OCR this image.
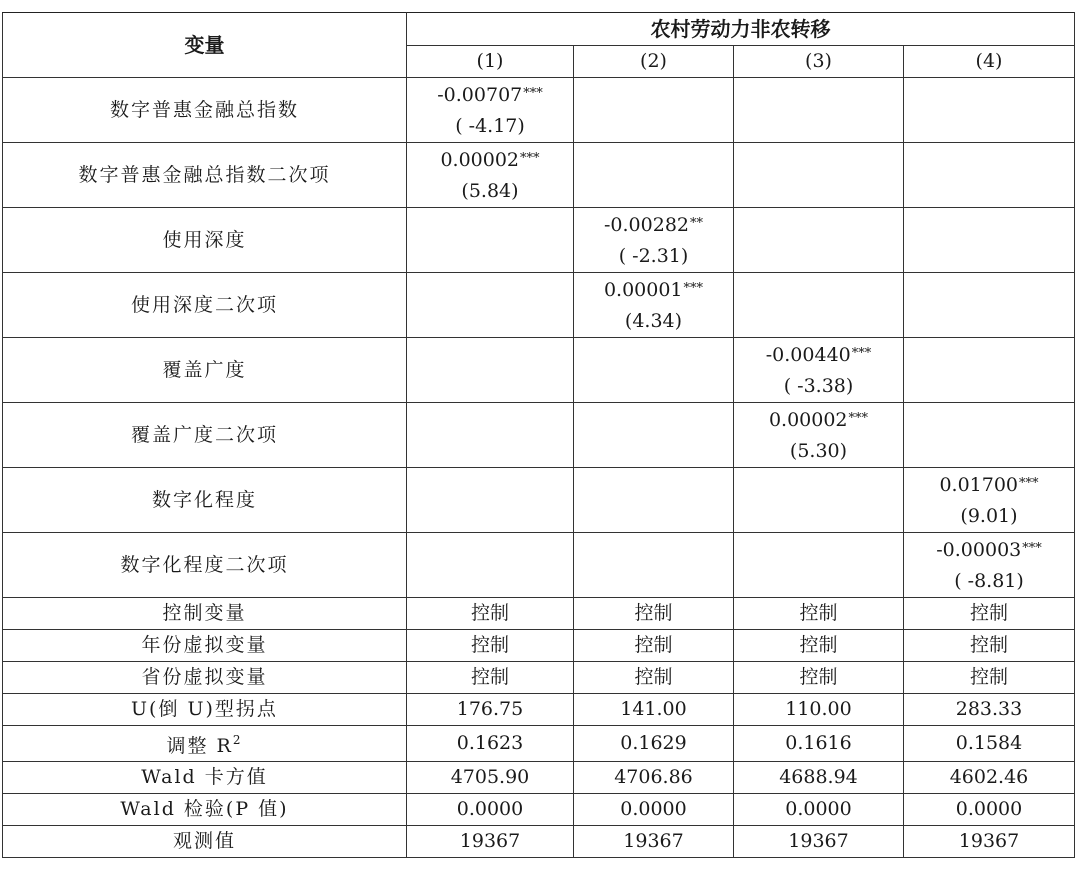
变量	农村劳动力非农转移			
	(1)	(2)	(3)	(4)
数字普惠金融总指数	-0.00707***
( -4.17)			

数字普惠金融总指数二次项	0.00002***
(5.84)			

使用深度		-0.00282**
( -2.31)		

使用深度二次项		0.00001***
(4.34)		

覆盖广度			-0.00440***
( -3.38)	

覆盖广度二次项			0.00002***
(5.30)	

数字化程度				0.01700***
(9.01)

数字化程度二次项				-0.00003***
( -8.81)

控制变量	控制	控制	控制	控制
年份虚拟变量	控制	控制	控制	控制
省份虚拟变量	控制	控制	控制	控制
U(倒 U)型拐点	176.75	141.00	110.00	283.33
调整 $R^2$	0.1623	0.1629	0.1616	0.1584
Wald 卡方值	4705.90	4706.86	4688.94	4602.46
Wald 检验(P 值)	0.0000	0.0000	0.0000	0.0000
观测值	19367	19367	19367	19367
